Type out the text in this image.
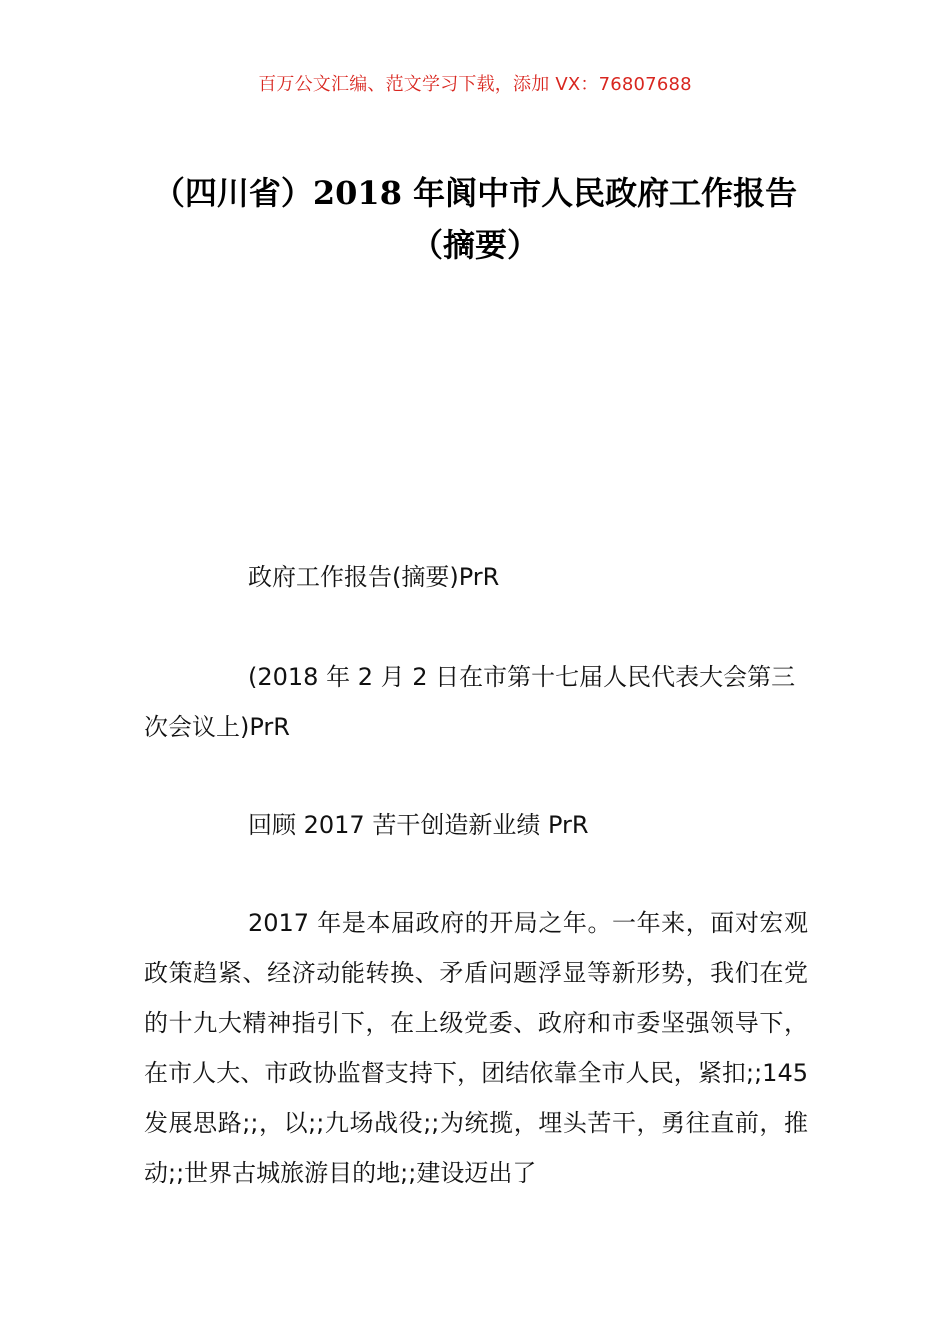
百万公文汇编、范文学习下载，添加 VX：76807688
（四川省）2018 年阆中市人民政府工作报告（摘要）

政府工作报告(摘要)PrR

(2018 年 2 月 2 日在市第十七届人民代表大会第三次会议上)PrR

回顾 2017 苦干创造新业绩 PrR

2017 年是本届政府的开局之年。一年来，面对宏观政策趋紧、经济动能转换、矛盾问题浮显等新形势，我们在党的十九大精神指引下，在上级党委、政府和市委坚强领导下，在市人大、市政协监督支持下，团结依靠全市人民，紧扣;;145 发展思路;;，以;;九场战役;;为统揽，埋头苦干，勇往直前，推动;;世界古城旅游目的地;;建设迈出了
